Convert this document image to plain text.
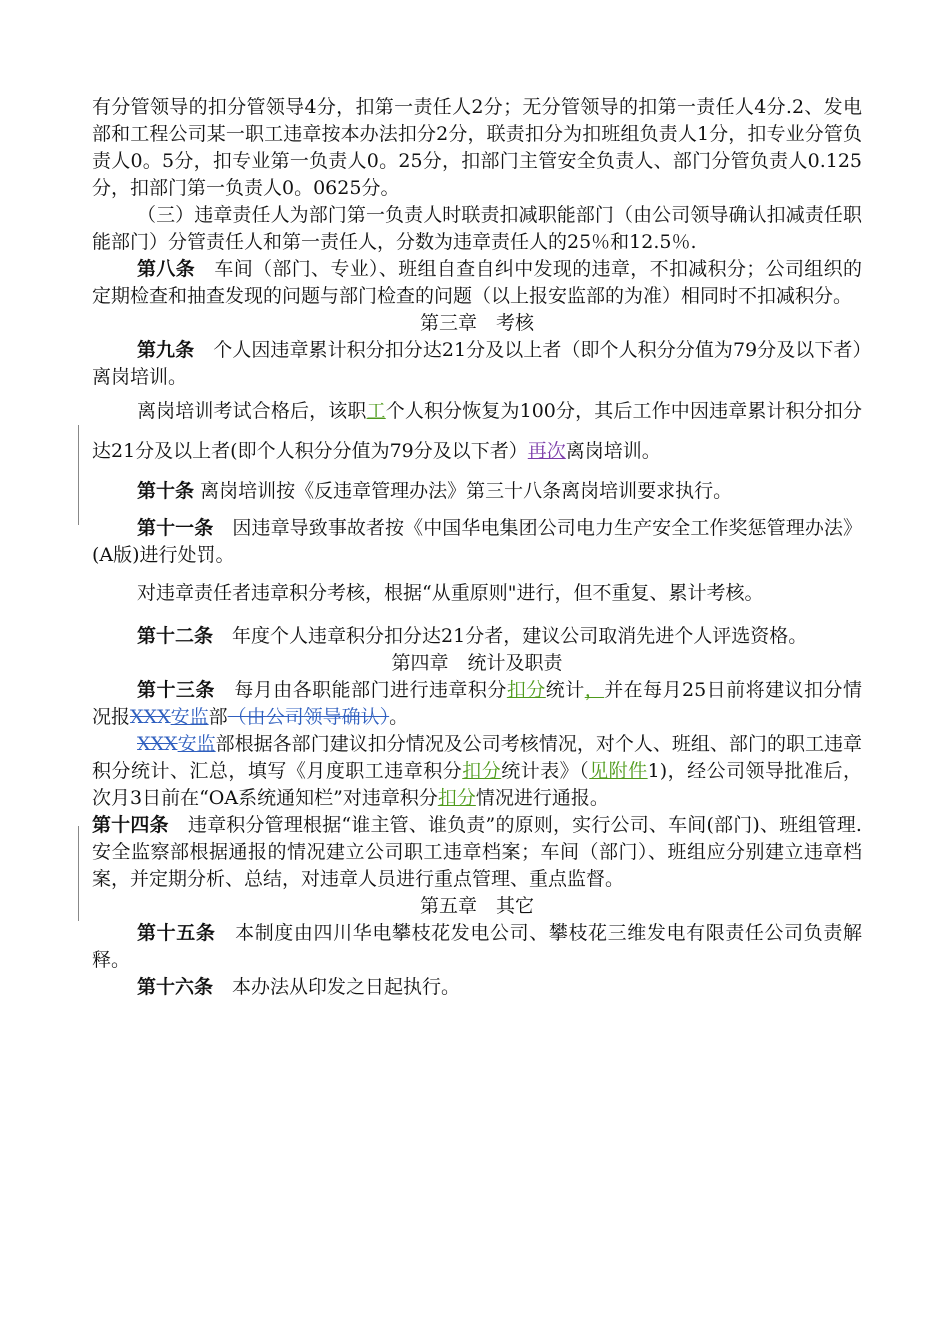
有分管领导的扣分管领导4分，扣第一责任人2分；无分管领导的扣第一责任人4分.2、发电部和工程公司某一职工违章按本办法扣分2分，联责扣分为扣班组负责人1分，扣专业分管负责人0。5分，扣专业第一负责人0。25分，扣部门主管安全负责人、部门分管负责人0.125分，扣部门第一负责人0。0625分。

（三）违章责任人为部门第一负责人时联责扣减职能部门（由公司领导确认扣减责任职能部门）分管责任人和第一责任人，分数为违章责任人的25％和12.5％.

第八条　 车间（部门、专业）、班组自查自纠中发现的违章，不扣减积分；公司组织的定期检查和抽查发现的问题与部门检查的问题（以上报安监部的为准）相同时不扣减积分。

第三章　考核

第九条　 个人因违章累计积分扣分达21分及以上者（即个人积分分值为79分及以下者）离岗培训。

离岗培训考试合格后，该职工个人积分恢复为100分，其后工作中因违章累计积分扣分达21分及以上者(即个人积分分值为79分及以下者）再次离岗培训。

第十条 离岗培训按《反违章管理办法》第三十八条离岗培训要求执行。

第十一条　 因违章导致事故者按《中国华电集团公司电力生产安全工作奖惩管理办法》(A版)进行处罚。

对违章责任者违章积分考核，根据“从重原则"进行，但不重复、累计考核。

第十二条　 年度个人违章积分扣分达21分者，建议公司取消先进个人评选资格。

第四章　统计及职责

第十三条　 每月由各职能部门进行违章积分扣分统计，并在每月25日前将建议扣分情况报XXX安监部（由公司领导确认）。

XXX安监部根据各部门建议扣分情况及公司考核情况，对个人、班组、部门的职工违章积分统计、汇总，填写《月度职工违章积分扣分统计表》（见附件1)，经公司领导批准后，次月3日前在“OA系统通知栏”对违章积分扣分情况进行通报。

第十四条　 违章积分管理根据“谁主管、谁负责”的原则，实行公司、车间(部门)、班组管理.安全监察部根据通报的情况建立公司职工违章档案；车间（部门）、班组应分别建立违章档案，并定期分析、总结，对违章人员进行重点管理、重点监督。

第五章　其它

第十五条　 本制度由四川华电攀枝花发电公司、攀枝花三维发电有限责任公司负责解释。

第十六条　 本办法从印发之日起执行。
